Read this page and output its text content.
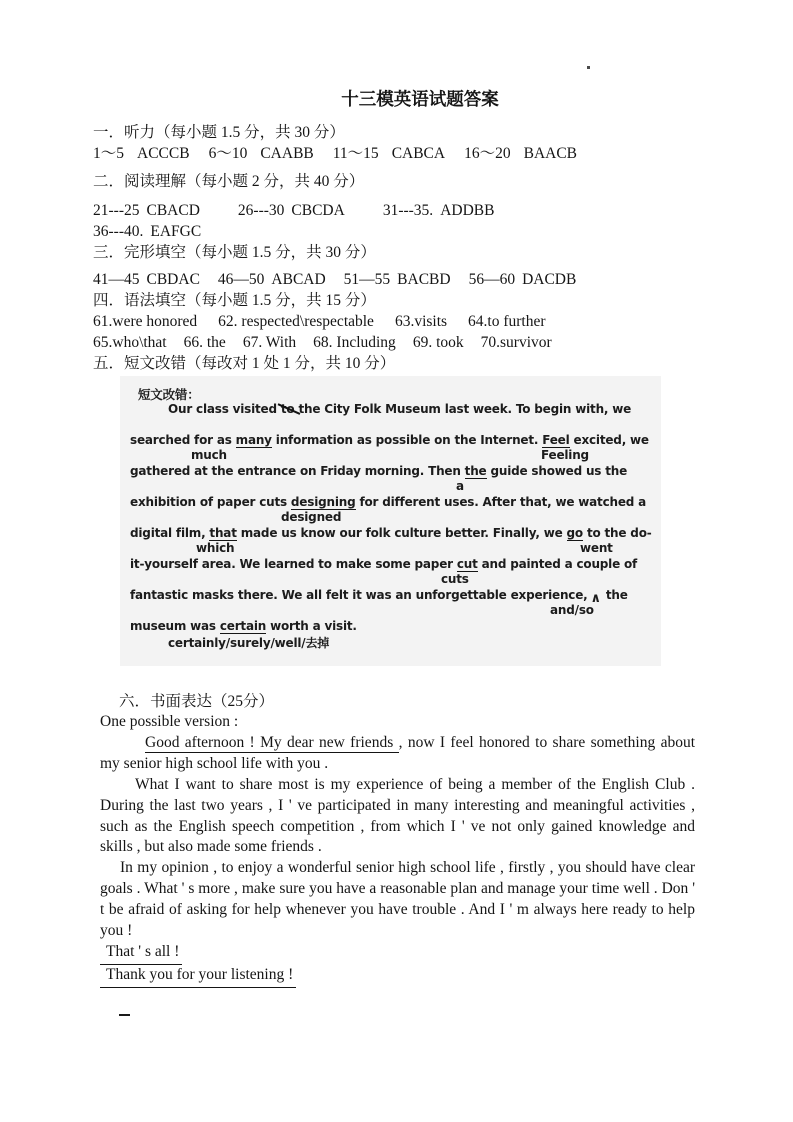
十三模英语试题答案
一．听力（每小题 1.5 分，共 30 分）
1～5 ACCCB 6～10 CAABB 11～15 CABCA 16～20 BAACB
二．阅读理解（每小题 2 分，共 40 分）
21---25 CBACD 26---30 CBCDA 31---35. ADDBB
36---40. EAFGC
三．完形填空（每小题 1.5 分，共 30 分）
41—45 CBDAC 46—50 ABCAD 51—55 BACBD 56—60 DACDB
四．语法填空（每小题 1.5 分，共 15 分）
61.were honored 62. respected\respectable 63.visits 64.to further
65.who\that 66. the 67. With 68. Including 69. took 70.survivor
五．短文改错（每改对 1 处 1 分，共 10 分）
短文改错：
Our class visited to the City Folk Museum last week. To begin with, we
searched for as many information as possible on the Internet. Feel excited, we
much	Feeling
gathered at the entrance on Friday morning. Then the guide showed us the
a
exhibition of paper cuts designing for different uses. After that, we watched a
designed
digital film, that made us know our folk culture better. Finally, we go to the do-
which	went
it-yourself area. We learned to make some paper cut and painted a couple of
cuts
fantastic masks there. We all felt it was an unforgettable experience, ∧ the
and/so
museum was certain worth a visit.
certainly/surely/well/去掉
六．书面表达（25分）

One possible version :

Good afternoon ! My dear new friends , now I feel honored to share something about my senior high school life with you .

What I want to share most is my experience of being a member of the English Club . During the last two years , I ' ve participated in many interesting and meaningful activities , such as the English speech competition , from which I ' ve not only gained knowledge and skills , but also made some friends .

In my opinion , to enjoy a wonderful senior high school life , firstly , you should have clear goals . What ' s more , make sure you have a reasonable plan and manage your time well . Don ' t be afraid of asking for help whenever you have trouble . And I ' m always here ready to help you !

That ' s all !

Thank you for your listening !
